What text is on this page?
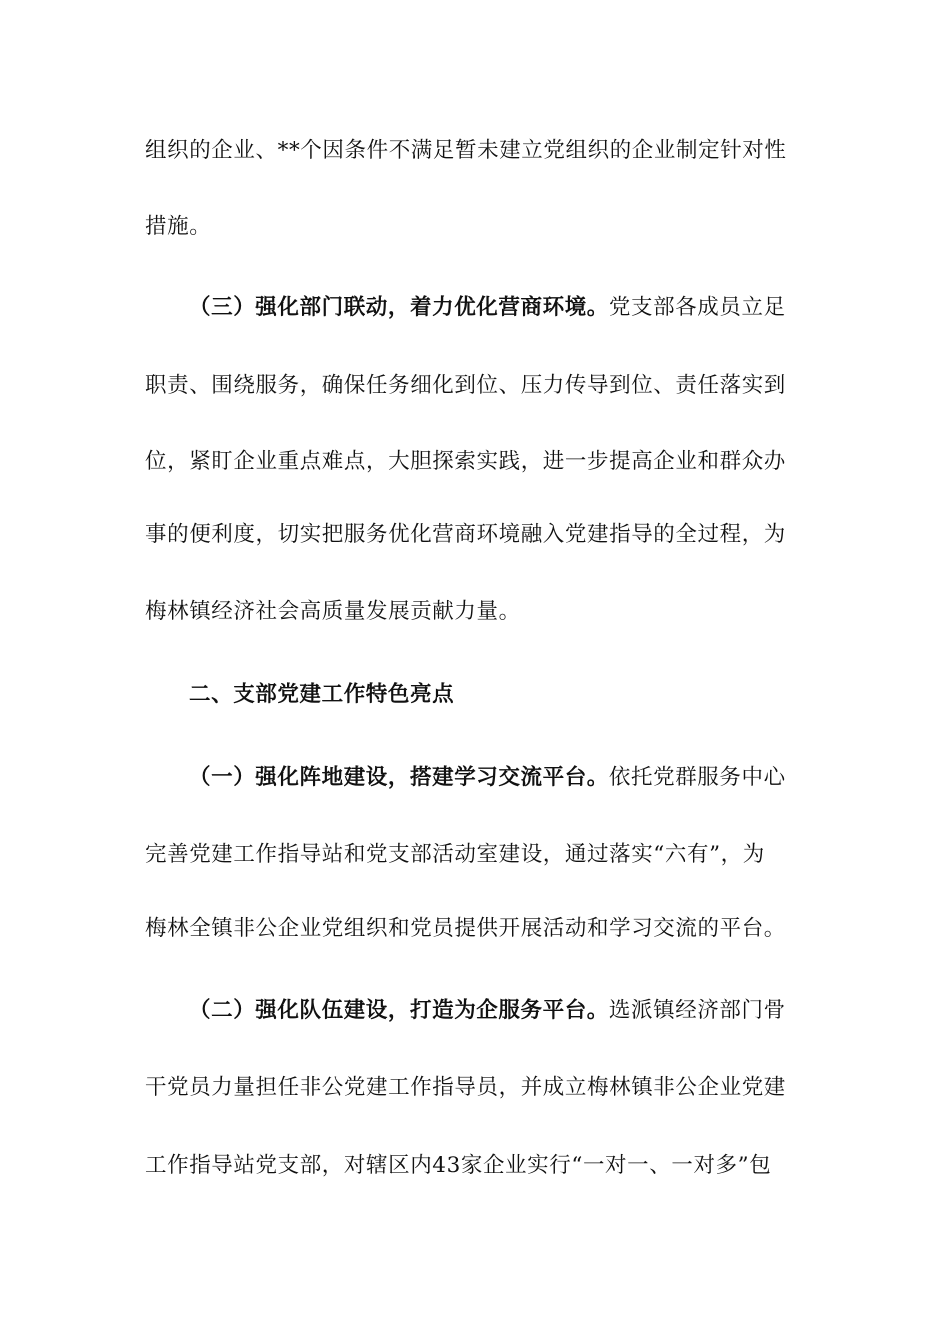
组织的企业、**个因条件不满足暂未建立党组织的企业制定针对性
措施。
（三）强化部门联动，着力优化营商环境。党支部各成员立足
职责、围绕服务，确保任务细化到位、压力传导到位、责任落实到
位，紧盯企业重点难点，大胆探索实践，进一步提高企业和群众办
事的便利度，切实把服务优化营商环境融入党建指导的全过程，为
梅林镇经济社会高质量发展贡献力量。
二、支部党建工作特色亮点
（一）强化阵地建设，搭建学习交流平台。依托党群服务中心
完善党建工作指导站和党支部活动室建设，通过落实“六有”，为
梅林全镇非公企业党组织和党员提供开展活动和学习交流的平台。
（二）强化队伍建设，打造为企服务平台。选派镇经济部门骨
干党员力量担任非公党建工作指导员，并成立梅林镇非公企业党建
工作指导站党支部，对辖区内43家企业实行“一对一、一对多”包
